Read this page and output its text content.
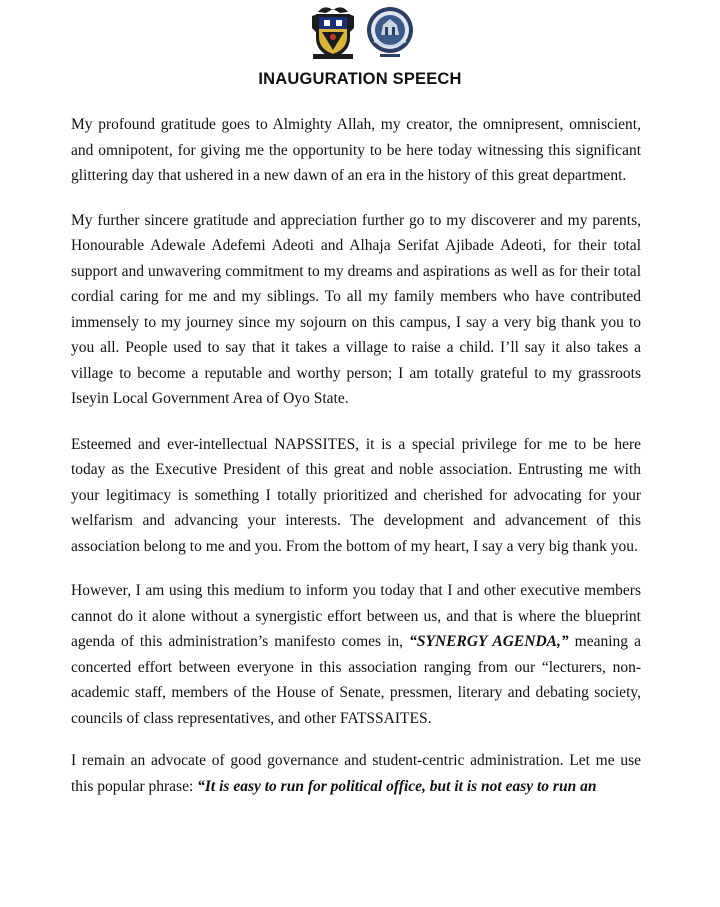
INAUGURATION SPEECH

My profound gratitude goes to Almighty Allah, my creator, the omnipresent, omniscient, and omnipotent, for giving me the opportunity to be here today witnessing this significant glittering day that ushered in a new dawn of an era in the history of this great department.

My further sincere gratitude and appreciation further go to my discoverer and my parents, Honourable Adewale Adefemi Adeoti and Alhaja Serifat Ajibade Adeoti, for their total support and unwavering commitment to my dreams and aspirations as well as for their total cordial caring for me and my siblings. To all my family members who have contributed immensely to my journey since my sojourn on this campus, I say a very big thank you to you all. People used to say that it takes a village to raise a child. I’ll say it also takes a village to become a reputable and worthy person; I am totally grateful to my grassroots Iseyin Local Government Area of Oyo State.

Esteemed and ever-intellectual NAPSSITES, it is a special privilege for me to be here today as the Executive President of this great and noble association. Entrusting me with your legitimacy is something I totally prioritized and cherished for advocating for your welfarism and advancing your interests. The development and advancement of this association belong to me and you. From the bottom of my heart, I say a very big thank you.

However, I am using this medium to inform you today that I and other executive members cannot do it alone without a synergistic effort between us, and that is where the blueprint agenda of this administration’s manifesto comes in, “SYNERGY AGENDA,” meaning a concerted effort between everyone in this association ranging from our “lecturers, non-academic staff, members of the House of Senate, pressmen, literary and debating society, councils of class representatives, and other FATSSAITES.

I remain an advocate of good governance and student-centric administration. Let me use this popular phrase: “It is easy to run for political office, but it is not easy to run an
